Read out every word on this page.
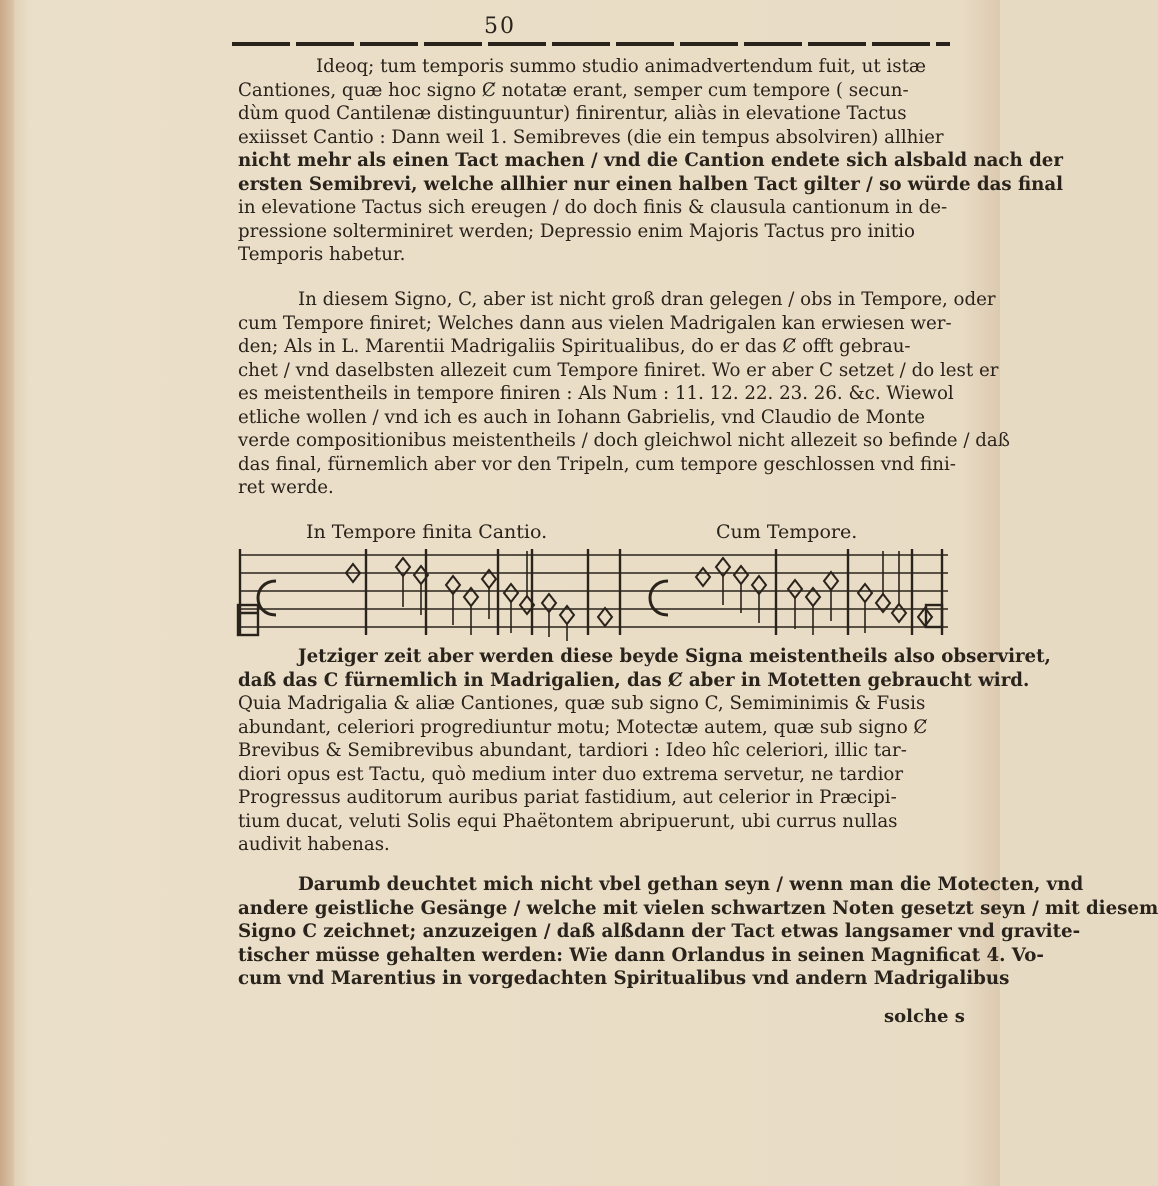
50
Ideoq; tum temporis summo studio animadvertendum fuit, ut istæ
Cantiones, quæ hoc signo Ȼ notatæ erant, semper cum tempore ( secun-
dùm quod Cantilenæ distinguuntur) finirentur, aliàs in elevatione Tactus
exiisset Cantio : Dann weil 1. Semibreves (die ein tempus absolviren) allhier
nicht mehr als einen Tact machen / vnd die Cantion endete sich alsbald nach der
ersten Semibrevi, welche allhier nur einen halben Tact gilter / so würde das final
in elevatione Tactus sich ereugen / do doch finis & clausula cantionum in de-
pressione solterminiret werden; Depressio enim Majoris Tactus pro initio
Temporis habetur.
In diesem Signo, C, aber ist nicht groß dran gelegen / obs in Tempore, oder
cum Tempore finiret; Welches dann aus vielen Madrigalen kan erwiesen wer-
den; Als in L. Marentii Madrigaliis Spiritualibus, do er das Ȼ offt gebrau-
chet / vnd daselbsten allezeit cum Tempore finiret. Wo er aber C setzet / do lest er
es meistentheils in tempore finiren : Als Num : 11. 12. 22. 23. 26. &c. Wiewol
etliche wollen / vnd ich es auch in Iohann Gabrielis, vnd Claudio de Monte
verde compositionibus meistentheils / doch gleichwol nicht allezeit so befinde / daß
das final, fürnemlich aber vor den Tripeln, cum tempore geschlossen vnd fini-
ret werde.
In Tempore finita Cantio.	Cum Tempore.
Jetziger zeit aber werden diese beyde Signa meistentheils also observiret,
daß das C fürnemlich in Madrigalien, das Ȼ aber in Motetten gebraucht wird.
Quia Madrigalia & aliæ Cantiones, quæ sub signo C, Semiminimis & Fusis
abundant, celeriori progrediuntur motu; Motectæ autem, quæ sub signo Ȼ
Brevibus & Semibrevibus abundant, tardiori : Ideo hîc celeriori, illic tar-
diori opus est Tactu, quò medium inter duo extrema servetur, ne tardior
Progressus auditorum auribus pariat fastidium, aut celerior in Præcipi-
tium ducat, veluti Solis equi Phaëtontem abripuerunt, ubi currus nullas
audivit habenas.
Darumb deuchtet mich nicht vbel gethan seyn / wenn man die Motecten, vnd
andere geistliche Gesänge / welche mit vielen schwartzen Noten gesetzt seyn / mit diesem
Signo C zeichnet; anzuzeigen / daß alßdann der Tact etwas langsamer vnd gravite-
tischer müsse gehalten werden: Wie dann Orlandus in seinen Magnificat 4. Vo-
cum vnd Marentius in vorgedachten Spiritualibus vnd andern Madrigalibus
solche s
